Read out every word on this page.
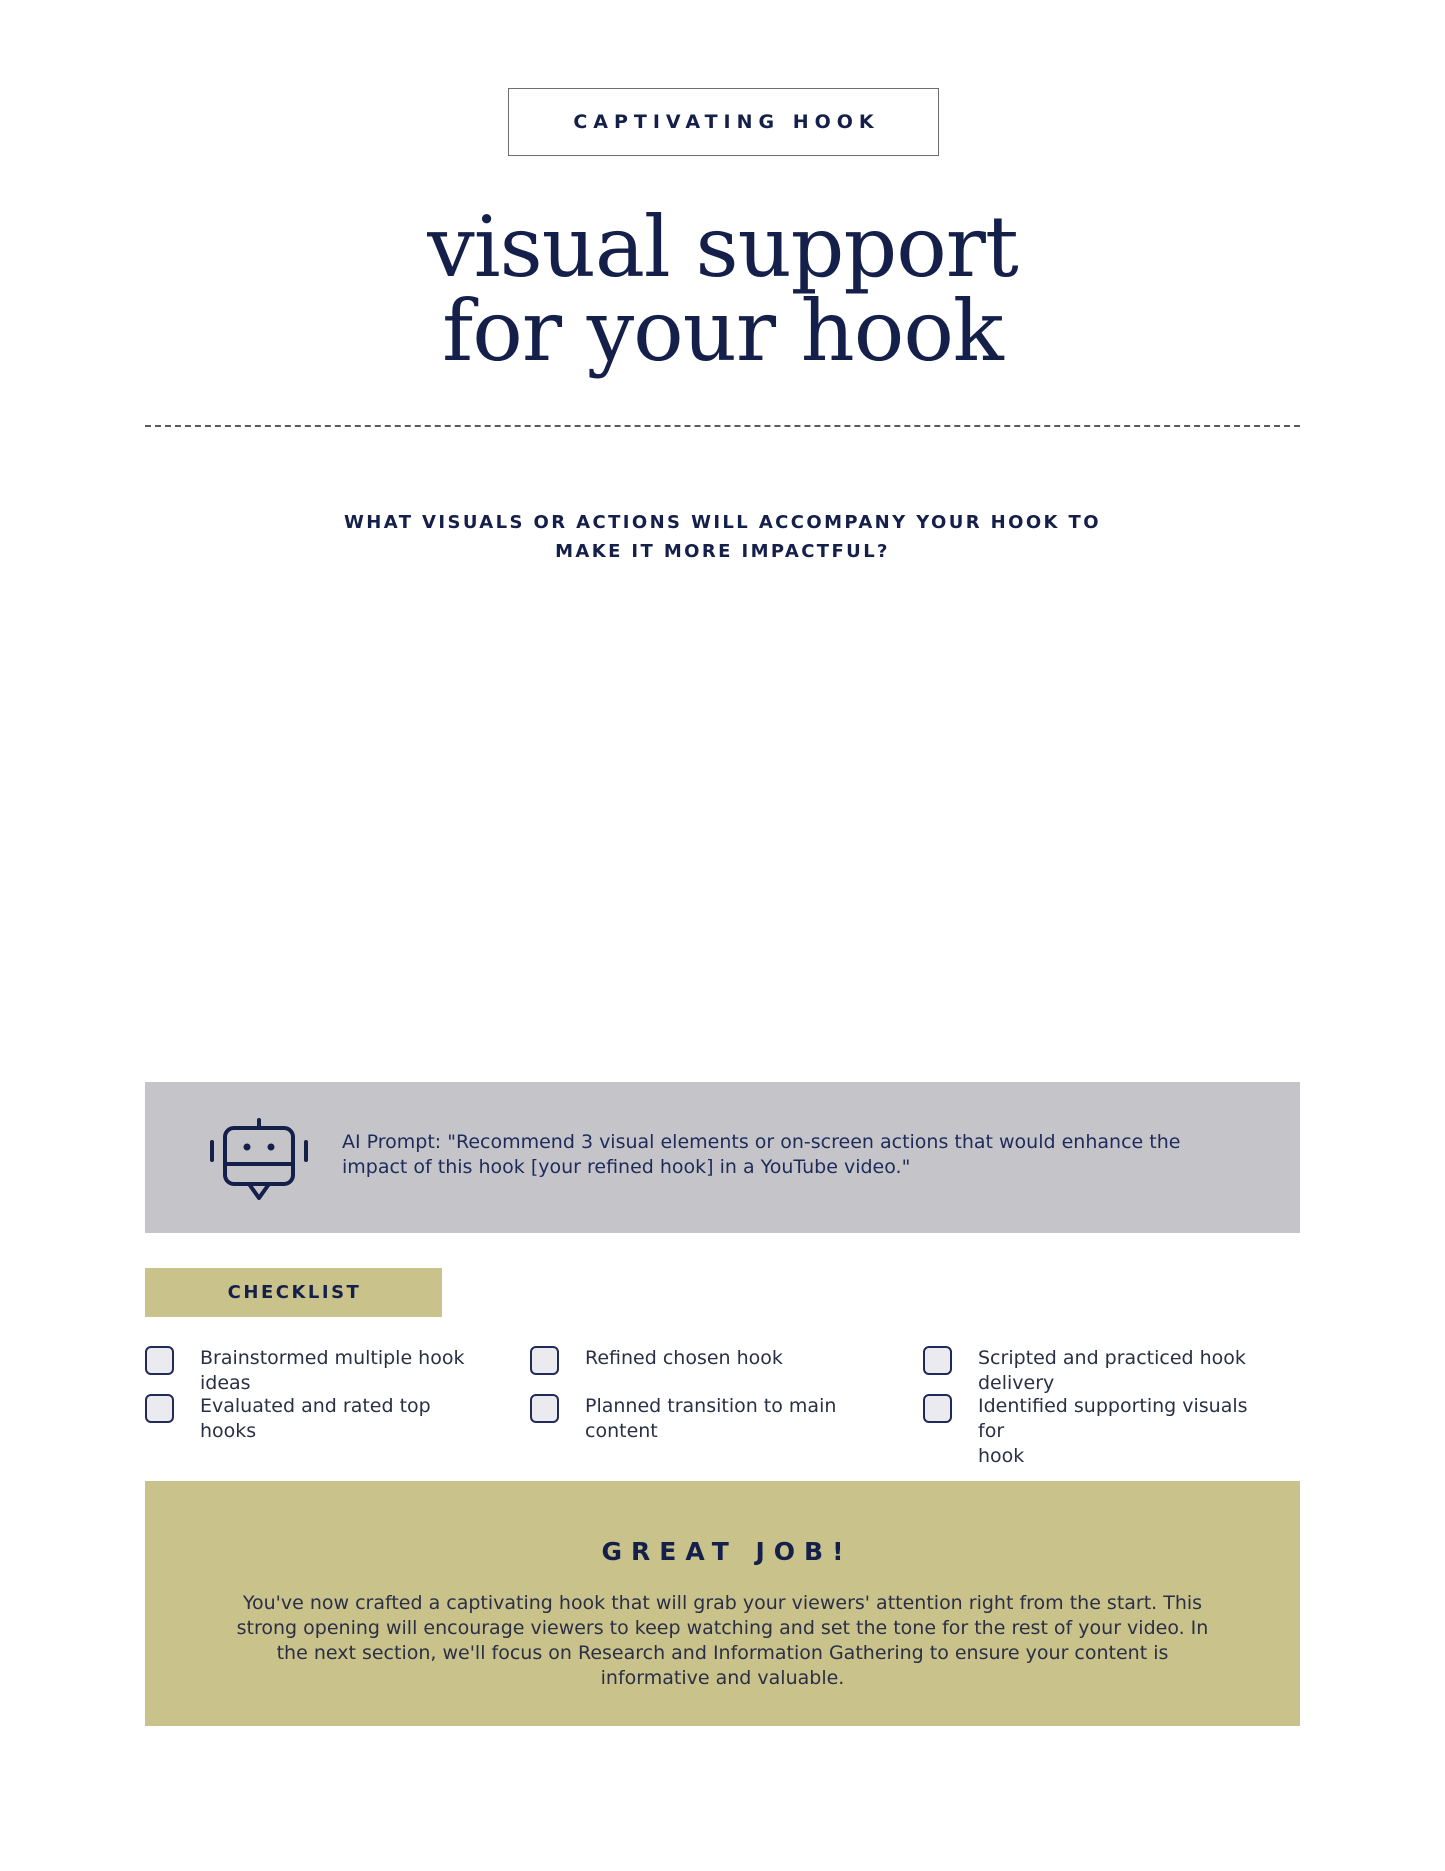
CAPTIVATING HOOK
visual support
for your hook
WHAT VISUALS OR ACTIONS WILL ACCOMPANY YOUR HOOK TO
MAKE IT MORE IMPACTFUL?
AI Prompt: "Recommend 3 visual elements or on-screen actions that would enhance the
impact of this hook [your refined hook] in a YouTube video."
CHECKLIST
Brainstormed multiple hook
ideas
Refined chosen hook	Scripted and practiced hook
delivery
Evaluated and rated top hooks
Planned transition to main
content
Identified supporting visuals for
hook
GREAT JOB!
You've now crafted a captivating hook that will grab your viewers' attention right from the start. This
strong opening will encourage viewers to keep watching and set the tone for the rest of your video. In
the next section, we'll focus on Research and Information Gathering to ensure your content is
informative and valuable.
